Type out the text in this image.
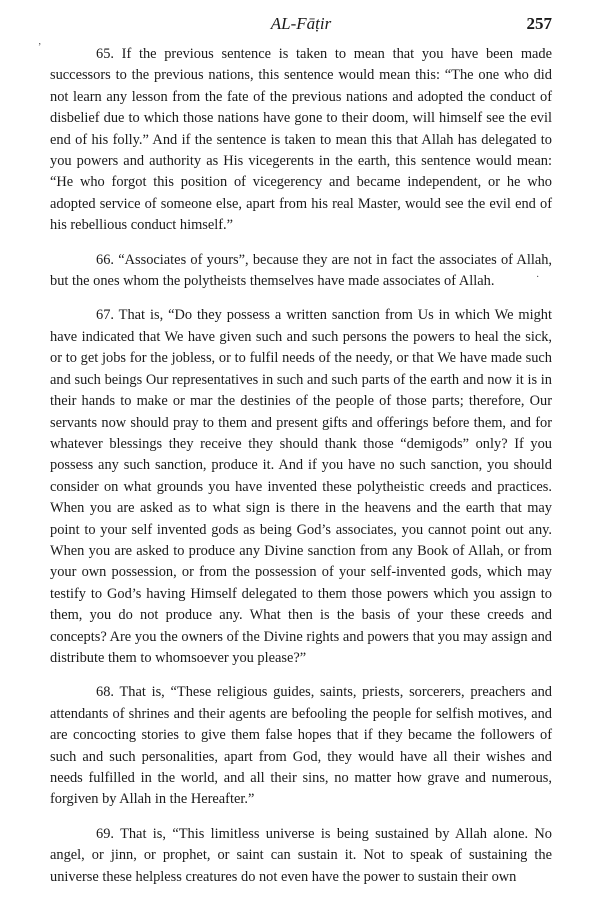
AL-Fāṭir	257
ʼ
·

65. If the previous sentence is taken to mean that you have been made successors to the previous nations, this sentence would mean this: “The one who did not learn any lesson from the fate of the previous nations and adopted the conduct of disbelief due to which those nations have gone to their doom, will himself see the evil end of his folly.” And if the sentence is taken to mean this that Allah has delegated to you powers and authority as His vicegerents in the earth, this sentence would mean: “He who forgot this position of vicegerency and became independent, or he who adopted service of someone else, apart from his real Master, would see the evil end of his rebellious conduct himself.”

66. “Associates of yours”, because they are not in fact the associates of Allah, but the ones whom the polytheists themselves have made associates of Allah.

67. That is, “Do they possess a written sanction from Us in which We might have indicated that We have given such and such persons the powers to heal the sick, or to get jobs for the jobless, or to fulfil needs of the needy, or that We have made such and such beings Our representatives in such and such parts of the earth and now it is in their hands to make or mar the destinies of the people of those parts; therefore, Our servants now should pray to them and present gifts and offerings before them, and for whatever blessings they receive they should thank those “demigods” only? If you possess any such sanction, produce it. And if you have no such sanction, you should consider on what grounds you have invented these polytheistic creeds and practices. When you are asked as to what sign is there in the heavens and the earth that may point to your self invented gods as being God’s associates, you cannot point out any. When you are asked to produce any Divine sanction from any Book of Allah, or from your own possession, or from the possession of your self-invented gods, which may testify to God’s having Himself delegated to them those powers which you assign to them, you do not produce any. What then is the basis of your these creeds and concepts? Are you the owners of the Divine rights and powers that you may assign and distribute them to whomsoever you please?”

68. That is, “These religious guides, saints, priests, sorcerers, preachers and attendants of shrines and their agents are befooling the people for selfish motives, and are concocting stories to give them false hopes that if they became the followers of such and such personalities, apart from God, they would have all their wishes and needs fulfilled in the world, and all their sins, no matter how grave and numerous, forgiven by Allah in the Hereafter.”

69. That is, “This limitless universe is being sustained by Allah alone. No angel, or jinn, or prophet, or saint can sustain it. Not to speak of sustaining the universe these helpless creatures do not even have the power to sustain their own
